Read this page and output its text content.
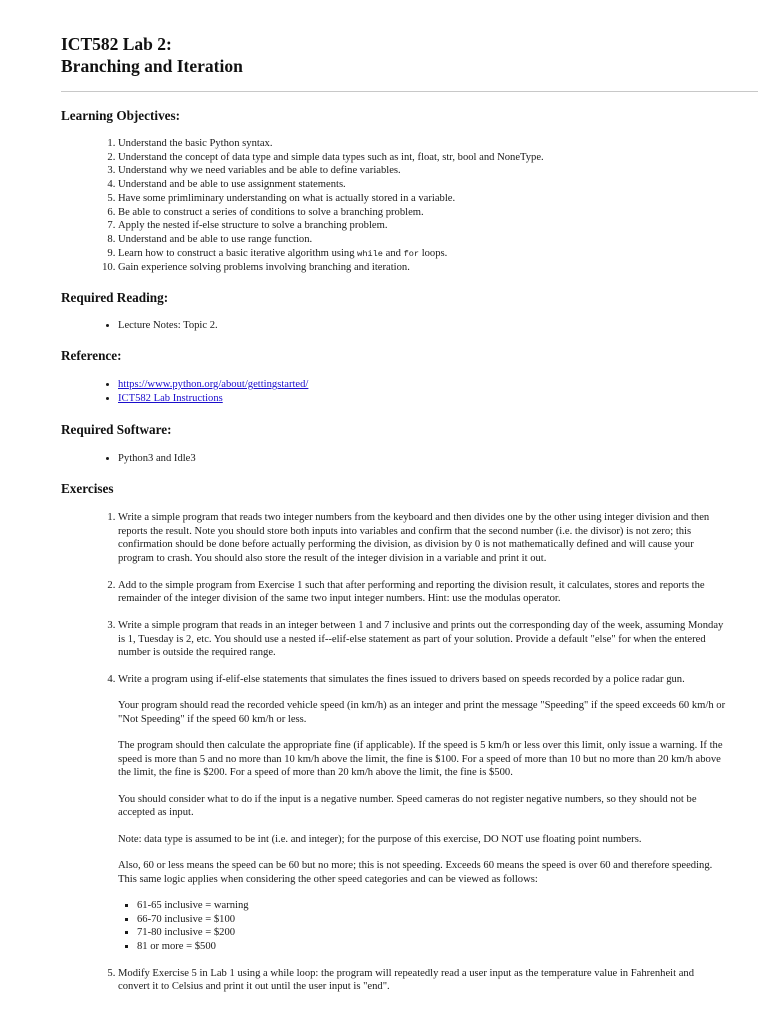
ICT582 Lab 2:
Branching and Iteration
Learning Objectives:
1. Understand the basic Python syntax.
2. Understand the concept of data type and simple data types such as int, float, str, bool and NoneType.
3. Understand why we need variables and be able to define variables.
4. Understand and be able to use assignment statements.
5. Have some primliminary understanding on what is actually stored in a variable.
6. Be able to construct a series of conditions to solve a branching problem.
7. Apply the nested if-else structure to solve a branching problem.
8. Understand and be able to use range function.
9. Learn how to construct a basic iterative algorithm using while and for loops.
10. Gain experience solving problems involving branching and iteration.
Required Reading:
• Lecture Notes: Topic 2.
Reference:
• https://www.python.org/about/gettingstarted/
• ICT582 Lab Instructions
Required Software:
• Python3 and Idle3
Exercises
1. Write a simple program that reads two integer numbers from the keyboard and then divides one by the other using integer division and then reports the result. Note you should store both inputs into variables and confirm that the second number (i.e. the divisor) is not zero; this confirmation should be done before actually performing the division, as division by 0 is not mathematically defined and will cause your program to crash. You should also store the result of the integer division in a variable and print it out.
2. Add to the simple program from Exercise 1 such that after performing and reporting the division result, it calculates, stores and reports the remainder of the integer division of the same two input integer numbers. Hint: use the modulas operator.
3. Write a simple program that reads in an integer between 1 and 7 inclusive and prints out the corresponding day of the week, assuming Monday is 1, Tuesday is 2, etc. You should use a nested if--elif-else statement as part of your solution. Provide a default "else" for when the entered number is outside the required range.

4. Write a program using if-elif-else statements that simulates the fines issued to drivers based on speeds recorded by a police radar gun.

Your program should read the recorded vehicle speed (in km/h) as an integer and print the message "Speeding" if the speed exceeds 60 km/h or "Not Speeding" if the speed 60 km/h or less.

The program should then calculate the appropriate fine (if applicable). If the speed is 5 km/h or less over this limit, only issue a warning. If the speed is more than 5 and no more than 10 km/h above the limit, the fine is $100. For a speed of more than 10 but no more than 20 km/h above the limit, the fine is $200. For a speed of more than 20 km/h above the limit, the fine is $500.

You should consider what to do if the input is a negative number. Speed cameras do not register negative numbers, so they should not be accepted as input.

Note: data type is assumed to be int (i.e. and integer); for the purpose of this exercise, DO NOT use floating point numbers.

Also, 60 or less means the speed can be 60 but no more; this is not speeding. Exceeds 60 means the speed is over 60 and therefore speeding. This same logic applies when considering the other speed categories and can be viewed as follows:

▪ 61-65 inclusive = warning
▪ 66-70 inclusive = $100
▪ 71-80 inclusive = $200
▪ 81 or more = $500
5. Modify Exercise 5 in Lab 1 using a while loop: the program will repeatedly read a user input as the temperature value in Fahrenheit and convert it to Celsius and print it out until the user input is "end".
